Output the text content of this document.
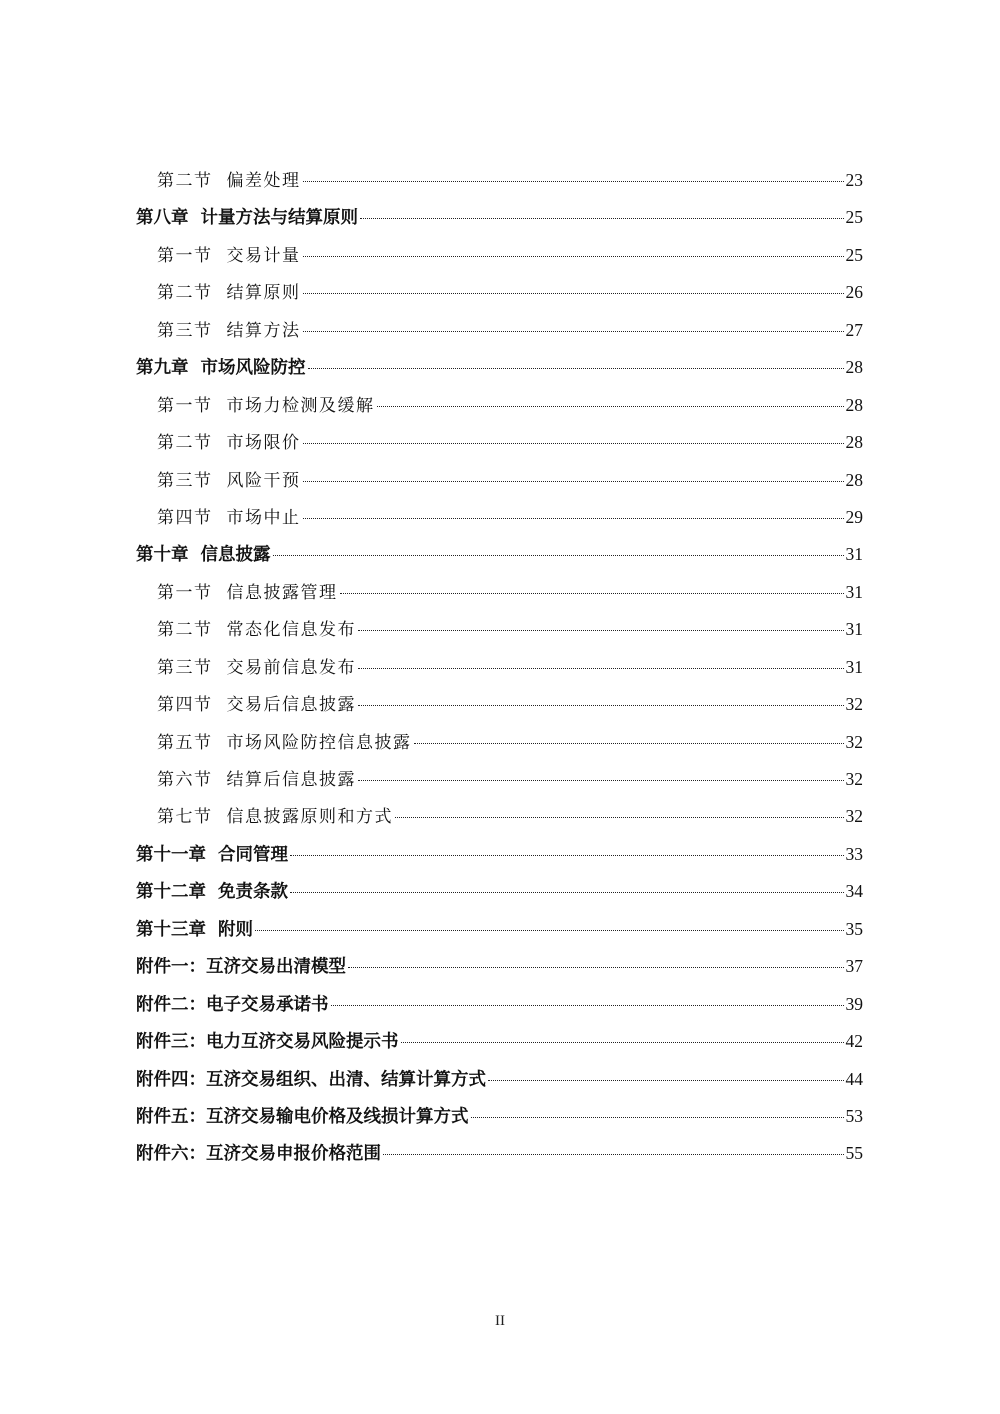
第二节 偏差处理	23
第八章 计量方法与结算原则	25
第一节 交易计量	25
第二节 结算原则	26
第三节 结算方法	27
第九章 市场风险防控	28
第一节 市场力检测及缓解	28
第二节 市场限价	28
第三节 风险干预	28
第四节 市场中止	29
第十章 信息披露	31
第一节 信息披露管理	31
第二节 常态化信息发布	31
第三节 交易前信息发布	31
第四节 交易后信息披露	32
第五节 市场风险防控信息披露	32
第六节 结算后信息披露	32
第七节 信息披露原则和方式	32
第十一章 合同管理	33
第十二章 免责条款	34
第十三章 附则	35
附件一： 互济交易出清模型	37
附件二： 电子交易承诺书	39
附件三： 电力互济交易风险提示书	42
附件四： 互济交易组织、出清、结算计算方式	44
附件五： 互济交易输电价格及线损计算方式	53
附件六： 互济交易申报价格范围	55
II
